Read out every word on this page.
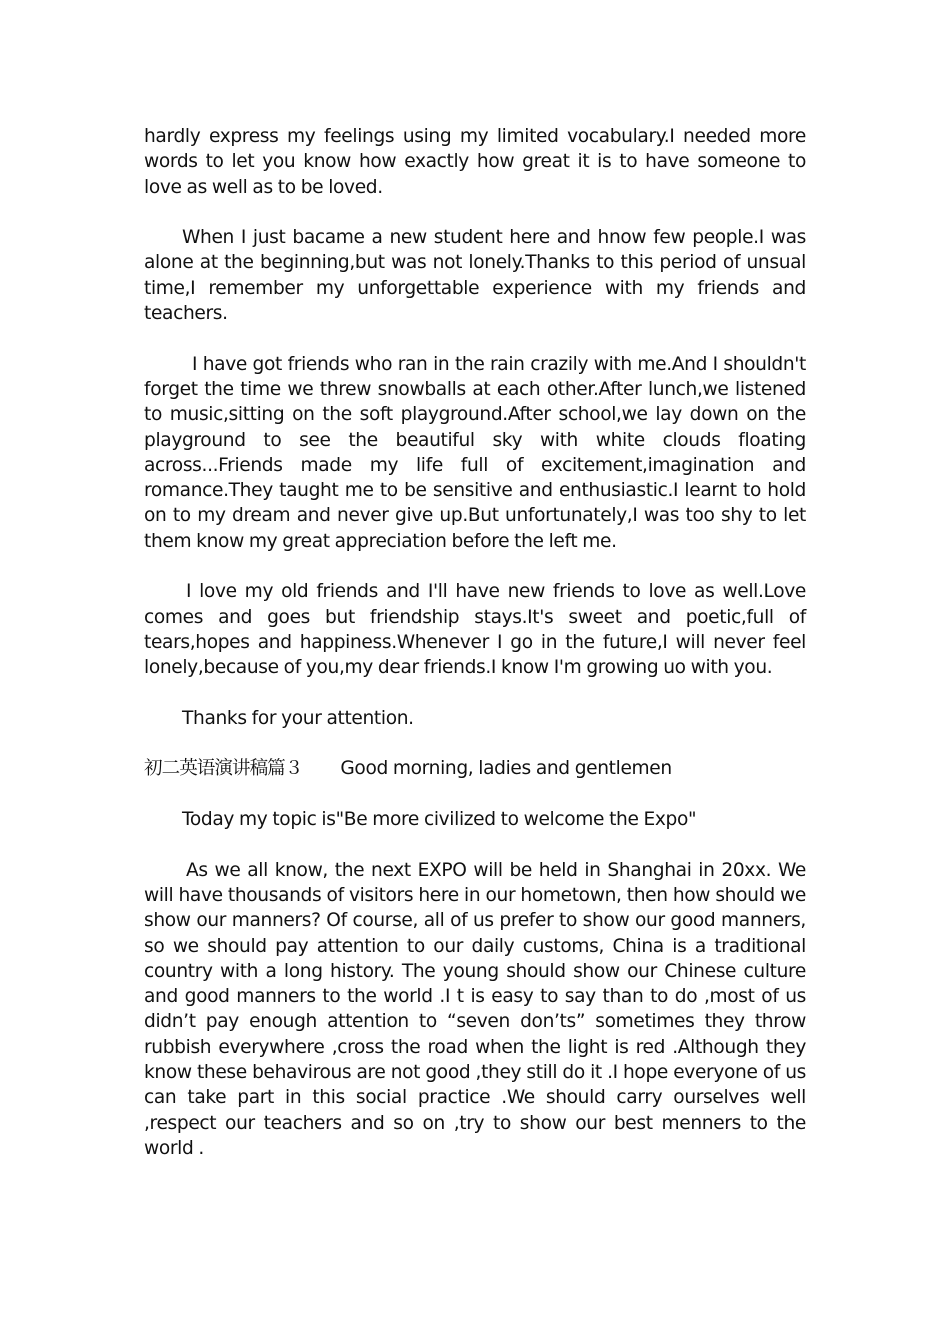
hardly express my feelings using my limited vocabulary.I needed more words to let you know how exactly how great it is to have someone to love as well as to be loved.

When I just bacame a new student here and hnow few people.I was alone at the beginning,but was not lonely.Thanks to this period of unsual time,I remember my unforgettable experience with my friends and teachers.

I have got friends who ran in the rain crazily with me.And I shouldn't forget the time we threw snowballs at each other.After lunch,we listened to music,sitting on the soft playground.After school,we lay down on the playground to see the beautiful sky with white clouds floating across...Friends made my life full of excitement,imagination and romance.They taught me to be sensitive and enthusiastic.I learnt to hold on to my dream and never give up.But unfortunately,I was too shy to let them know my great appreciation before the left me.

I love my old friends and I'll have new friends to love as well.Love comes and goes but friendship stays.It's sweet and poetic,full of tears,hopes and happiness.Whenever I go in the future,I will never feel lonely,because of you,my dear friends.I know I'm growing uo with you.

Thanks for your attention.

初二英语演讲稿篇３ Good morning, ladies and gentlemen

Today my topic is"Be more civilized to welcome the Expo"

As we all know, the next EXPO will be held in Shanghai in 20xx. We will have thousands of visitors here in our hometown, then how should we show our manners? Of course, all of us prefer to show our good manners, so we should pay attention to our daily customs, China is a traditional country with a long history. The young should show our Chinese culture and good manners to the world .I t is easy to say than to do ,most of us didn’t pay enough attention to “seven don’ts” sometimes they throw rubbish everywhere ,cross the road when the light is red .Although they know these behavirous are not good ,they still do it .I hope everyone of us can take part in this social practice .We should carry ourselves well ,respect our teachers and so on ,try to show our best menners to the world .
